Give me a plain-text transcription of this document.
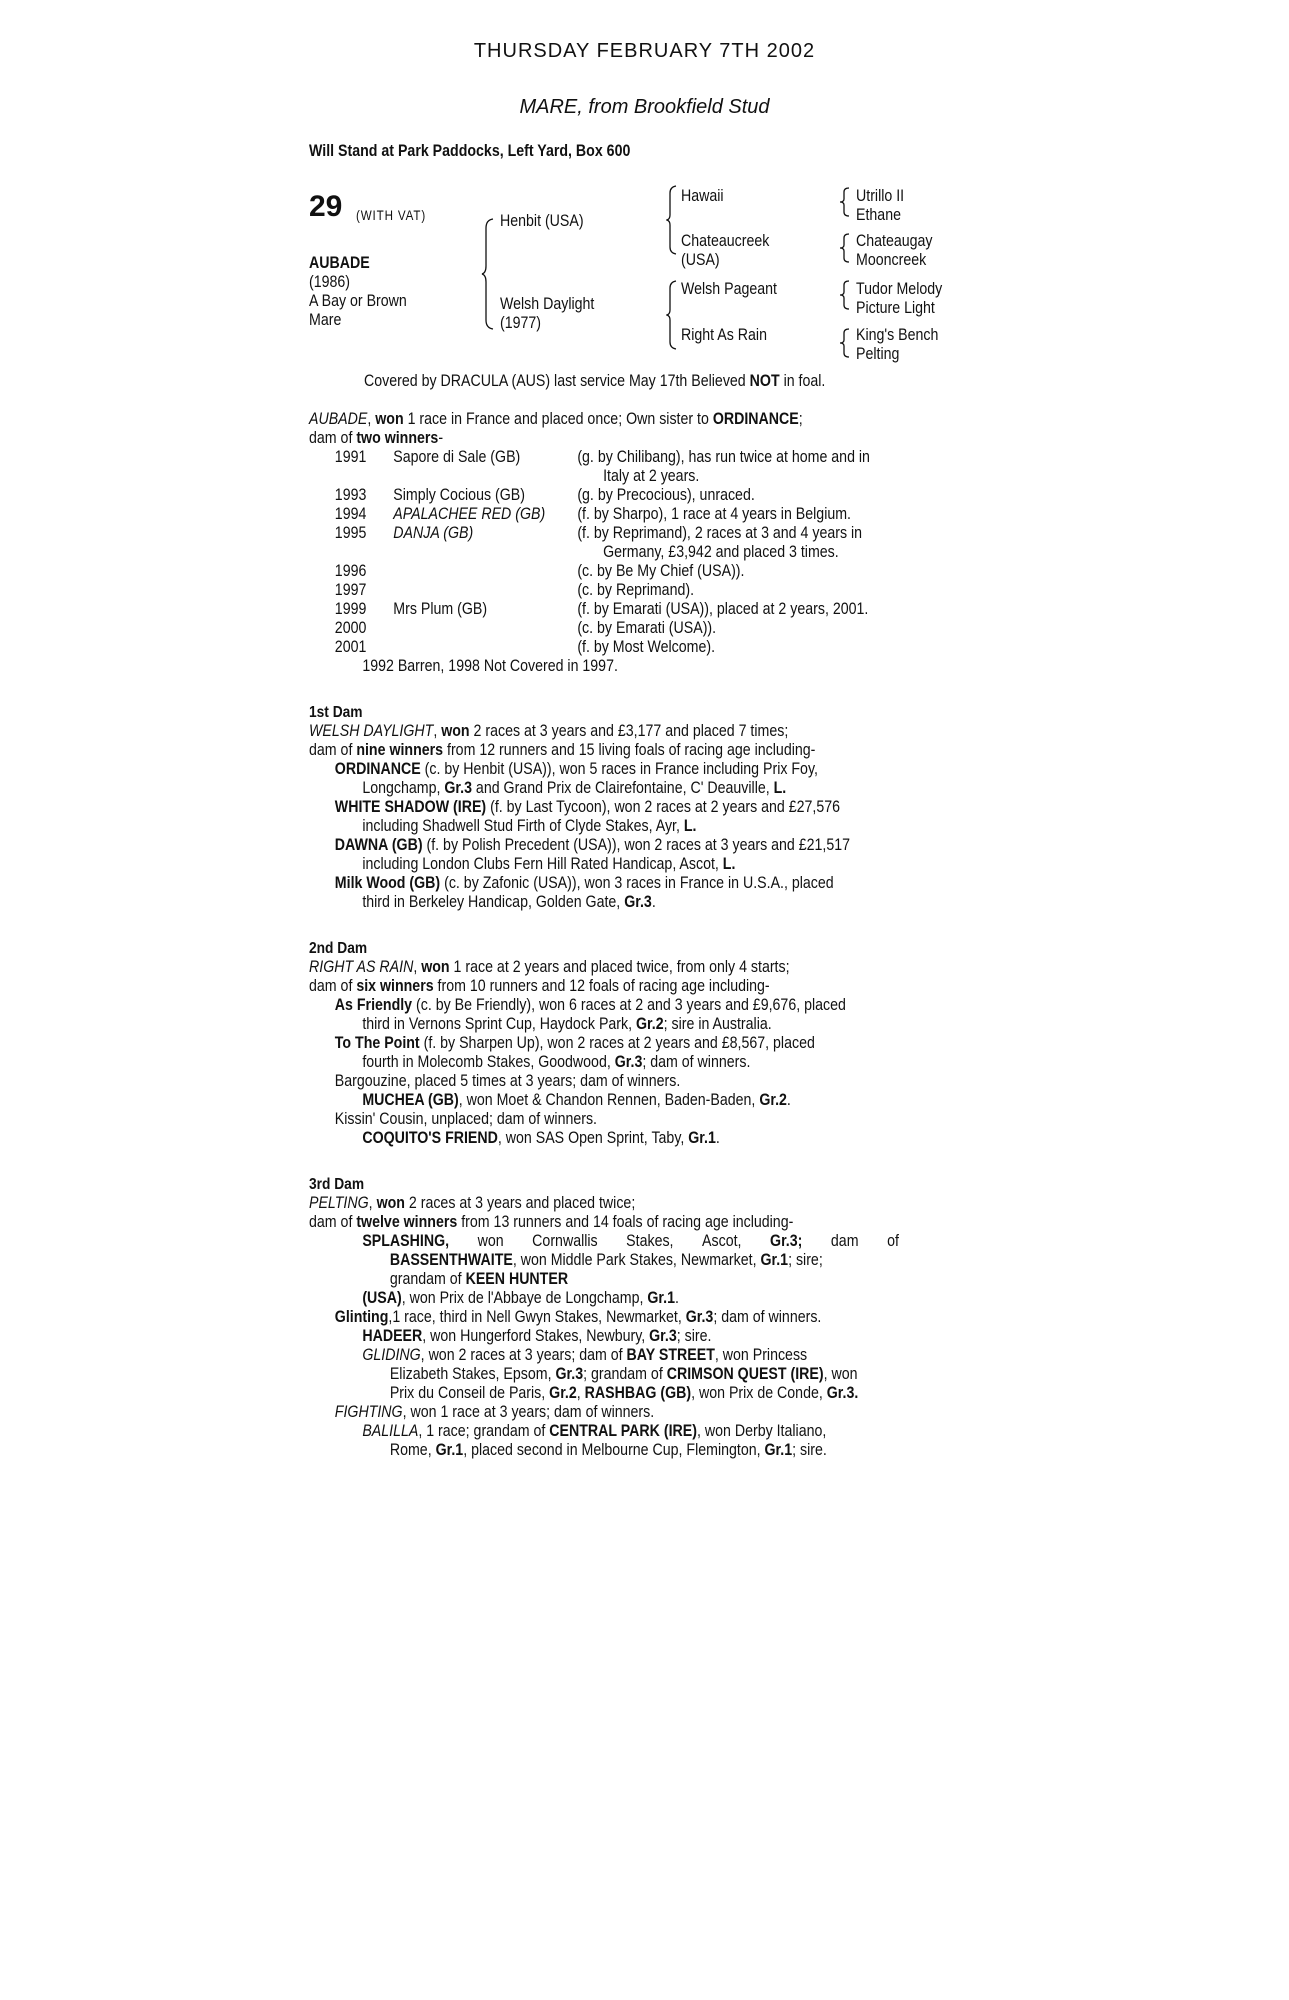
THURSDAY FEBRUARY 7TH 2002
MARE, from Brookfield Stud
Will Stand at Park Paddocks, Left Yard, Box 600
29 (WITH VAT)
AUBADE
(1986)
A Bay or Brown
Mare
Henbit (USA)
Welsh Daylight
(1977)
Hawaii
Chateaucreek
(USA)
Welsh Pageant
Right As Rain
Utrillo II
Ethane
Chateaugay
Mooncreek
Tudor Melody
Picture Light
King's Bench
Pelting
Covered by DRACULA (AUS) last service May 17th Believed NOT in foal.
AUBADE, won 1 race in France and placed once; Own sister to ORDINANCE;
dam of two winners-
1991 Sapore di Sale (GB)	(g. by Chilibang), has run twice at home and in
Italy at 2 years.
1993 Simply Cocious (GB)	(g. by Precocious), unraced.
1994 APALACHEE RED (GB) (f. by Sharpo), 1 race at 4 years in Belgium.
1995 DANJA (GB)	(f. by Reprimand), 2 races at 3 and 4 years in
Germany, £3,942 and placed 3 times.
1996	(c. by Be My Chief (USA)).
1997	(c. by Reprimand).
1999 Mrs Plum (GB)	(f. by Emarati (USA)), placed at 2 years, 2001.
2000	(c. by Emarati (USA)).
2001	(f. by Most Welcome).
1992 Barren, 1998 Not Covered in 1997.
1st Dam
WELSH DAYLIGHT, won 2 races at 3 years and £3,177 and placed 7 times;
dam of nine winners from 12 runners and 15 living foals of racing age including-
ORDINANCE (c. by Henbit (USA)), won 5 races in France including Prix Foy,
Longchamp, Gr.3 and Grand Prix de Clairefontaine, C' Deauville, L.
WHITE SHADOW (IRE) (f. by Last Tycoon), won 2 races at 2 years and £27,576
including Shadwell Stud Firth of Clyde Stakes, Ayr, L.
DAWNA (GB) (f. by Polish Precedent (USA)), won 2 races at 3 years and £21,517
including London Clubs Fern Hill Rated Handicap, Ascot, L.
Milk Wood (GB) (c. by Zafonic (USA)), won 3 races in France in U.S.A., placed
third in Berkeley Handicap, Golden Gate, Gr.3.
2nd Dam
RIGHT AS RAIN, won 1 race at 2 years and placed twice, from only 4 starts;
dam of six winners from 10 runners and 12 foals of racing age including-
As Friendly (c. by Be Friendly), won 6 races at 2 and 3 years and £9,676, placed
third in Vernons Sprint Cup, Haydock Park, Gr.2; sire in Australia.
To The Point (f. by Sharpen Up), won 2 races at 2 years and £8,567, placed
fourth in Molecomb Stakes, Goodwood, Gr.3; dam of winners.
Bargouzine, placed 5 times at 3 years; dam of winners.
MUCHEA (GB), won Moet & Chandon Rennen, Baden-Baden, Gr.2.
Kissin' Cousin, unplaced; dam of winners.
COQUITO'S FRIEND, won SAS Open Sprint, Taby, Gr.1.
3rd Dam
PELTING, won 2 races at 3 years and placed twice;
dam of twelve winners from 13 runners and 14 foals of racing age including-
SPLASHING, won Cornwallis Stakes, Ascot, Gr.3; dam of
BASSENTHWAITE, won Middle Park Stakes, Newmarket, Gr.1; sire;
grandam of KEEN HUNTER
(USA), won Prix de l'Abbaye de Longchamp, Gr.1.
Glinting,1 race, third in Nell Gwyn Stakes, Newmarket, Gr.3; dam of winners.
HADEER, won Hungerford Stakes, Newbury, Gr.3; sire.
GLIDING, won 2 races at 3 years; dam of BAY STREET, won Princess
Elizabeth Stakes, Epsom, Gr.3; grandam of CRIMSON QUEST (IRE), won
Prix du Conseil de Paris, Gr.2, RASHBAG (GB), won Prix de Conde, Gr.3.
FIGHTING, won 1 race at 3 years; dam of winners.
BALILLA, 1 race; grandam of CENTRAL PARK (IRE), won Derby Italiano,
Rome, Gr.1, placed second in Melbourne Cup, Flemington, Gr.1; sire.
